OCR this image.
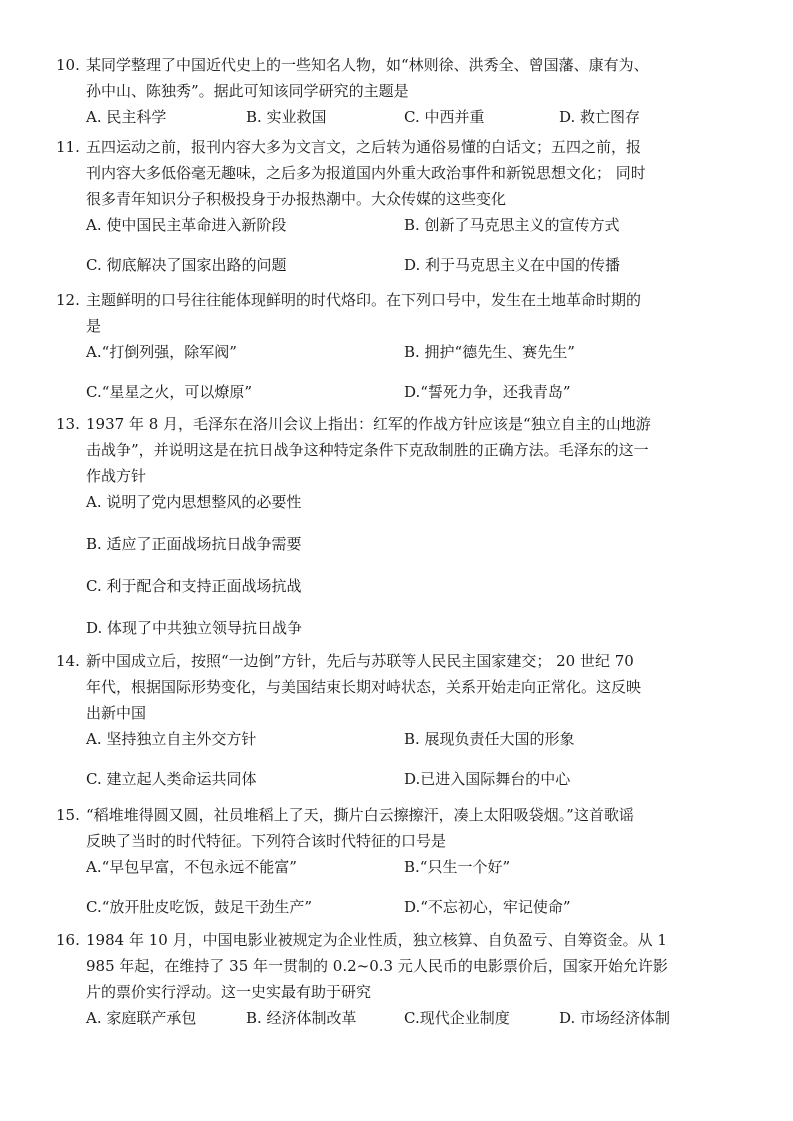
10. 某同学整理了中国近代史上的一些知名人物，如“林则徐、洪秀全、曾国藩、康有为、
孙中山、陈独秀”。据此可知该同学研究的主题是
A. 民主科学	B. 实业救国	C. 中西并重	D. 救亡图存
11. 五四运动之前，报刊内容大多为文言文，之后转为通俗易懂的白话文；五四之前，报
刊内容大多低俗毫无趣味，之后多为报道国内外重大政治事件和新锐思想文化； 同时
很多青年知识分子积极投身于办报热潮中。大众传媒的这些变化
A. 使中国民主革命进入新阶段	B. 创新了马克思主义的宣传方式
C. 彻底解决了国家出路的问题	D. 利于马克思主义在中国的传播
12. 主题鲜明的口号往往能体现鲜明的时代烙印。在下列口号中，发生在土地革命时期的
是
A.“打倒列强，除军阀”	B. 拥护“德先生、赛先生”
C.“星星之火，可以燎原”	D.“誓死力争，还我青岛”
13. 1937 年 8 月，毛泽东在洛川会议上指出：红军的作战方针应该是“独立自主的山地游
击战争”，并说明这是在抗日战争这种特定条件下克敌制胜的正确方法。毛泽东的这一
作战方针
A. 说明了党内思想整风的必要性
B. 适应了正面战场抗日战争需要
C. 利于配合和支持正面战场抗战
D. 体现了中共独立领导抗日战争
14. 新中国成立后，按照“一边倒”方针，先后与苏联等人民民主国家建交； 20 世纪 70
年代，根据国际形势变化，与美国结束长期对峙状态，关系开始走向正常化。这反映
出新中国
A. 坚持独立自主外交方针	B. 展现负责任大国的形象
C. 建立起人类命运共同体	D.已进入国际舞台的中心
15. “稻堆堆得圆又圆，社员堆稻上了天，撕片白云擦擦汗，凑上太阳吸袋烟。”这首歌谣
反映了当时的时代特征。下列符合该时代特征的口号是
A.“早包早富，不包永远不能富”	B.“只生一个好”
C.“放开肚皮吃饭，鼓足干劲生产”	D.“不忘初心，牢记使命”
16. 1984 年 10 月，中国电影业被规定为企业性质，独立核算、自负盈亏、自筹资金。从 1
985 年起，在维持了 35 年一贯制的 0.2~0.3 元人民币的电影票价后，国家开始允许影
片的票价实行浮动。这一史实最有助于研究
A. 家庭联产承包	B. 经济体制改革	C.现代企业制度	D. 市场经济体制
